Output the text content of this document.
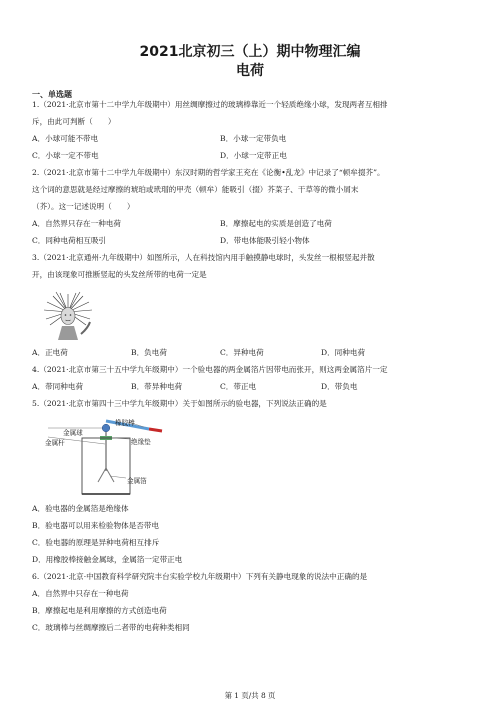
2021北京初三（上）期中物理汇编
电荷
一、单选题
1.（2021·北京市第十二中学九年级期中）用丝绸摩擦过的玻璃棒靠近一个轻质绝缘小球，发现两者互相排
斥，由此可判断（　　）
A．小球可能不带电	B．小球一定带负电
C．小球一定不带电	D．小球一定带正电
2.（2021·北京市第十二中学九年级期中）东汉时期的哲学家王充在《论衡•乱龙》中记录了“顿牟掇芥”。
这个词的意思就是经过摩擦的琥珀或玳瑁的甲壳（顿牟）能吸引（掇）芥菜子、干草等的微小屑末
（芥）。这一记述说明（　　）
A．自然界只存在一种电荷	B．摩擦起电的实质是创造了电荷
C．同种电荷相互吸引	D．带电体能吸引轻小物体
3.（2021·北京通州·九年级期中）如图所示，人在科技馆内用手触摸静电球时，头发丝一根根竖起并散
开，由该现象可推断竖起的头发丝所带的电荷一定是
A．正电荷	B．负电荷	C．异种电荷	D．同种电荷
4.（2021·北京市第三十五中学九年级期中）一个验电器的两金属箔片因带电而张开，则这两金属箔片一定
A．带同种电荷	B．带异种电荷	C．带正电	D．带负电
5.（2021·北京市第四十三中学九年级期中）关于如图所示的验电器，下列说法正确的是
橡胶棒
金属球
金属杆	绝缘垫
金属箔
A．验电器的金属箔是绝缘体
B．验电器可以用来检验物体是否带电
C．验电器的原理是异种电荷相互排斥
D．用橡胶棒接触金属球，金属箔一定带正电
6.（2021·北京·中国教育科学研究院丰台实验学校九年级期中）下列有关静电现象的说法中正确的是
A．自然界中只存在一种电荷
B．摩擦起电是利用摩擦的方式创造电荷
C．玻璃棒与丝绸摩擦后二者带的电荷种类相同
第 1 页/共 8 页
